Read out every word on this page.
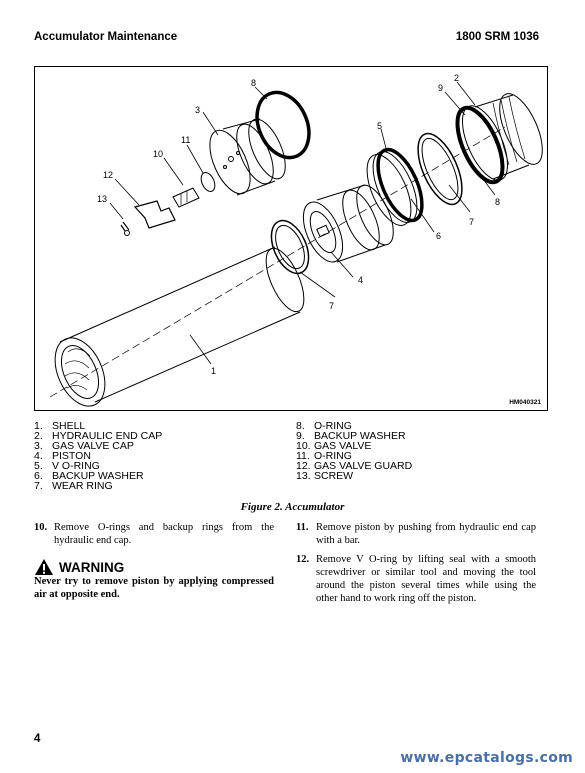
Accumulator Maintenance	1800 SRM 1036
1
2
3
4
5
6
7
7
8
8
9
10
11
12
13
HM040321
1. SHELL
2. HYDRAULIC END CAP
3. GAS VALVE CAP
4. PISTON
5. V O-RING
6. BACKUP WASHER
7. WEAR RING
8. O-RING
9. BACKUP WASHER
10. GAS VALVE
11. O-RING
12. GAS VALVE GUARD
13. SCREW
Figure 2. Accumulator
10. Remove O-rings and backup rings from the hydraulic end cap.
WARNING
Never try to remove piston by applying compressed air at opposite end.
11. Remove piston by pushing from hydraulic end cap with a bar.
12. Remove V O-ring by lifting seal with a smooth screwdriver or similar tool and moving the tool around the piston several times while using the other hand to work ring off the piston.
4
www.epcatalogs.com
